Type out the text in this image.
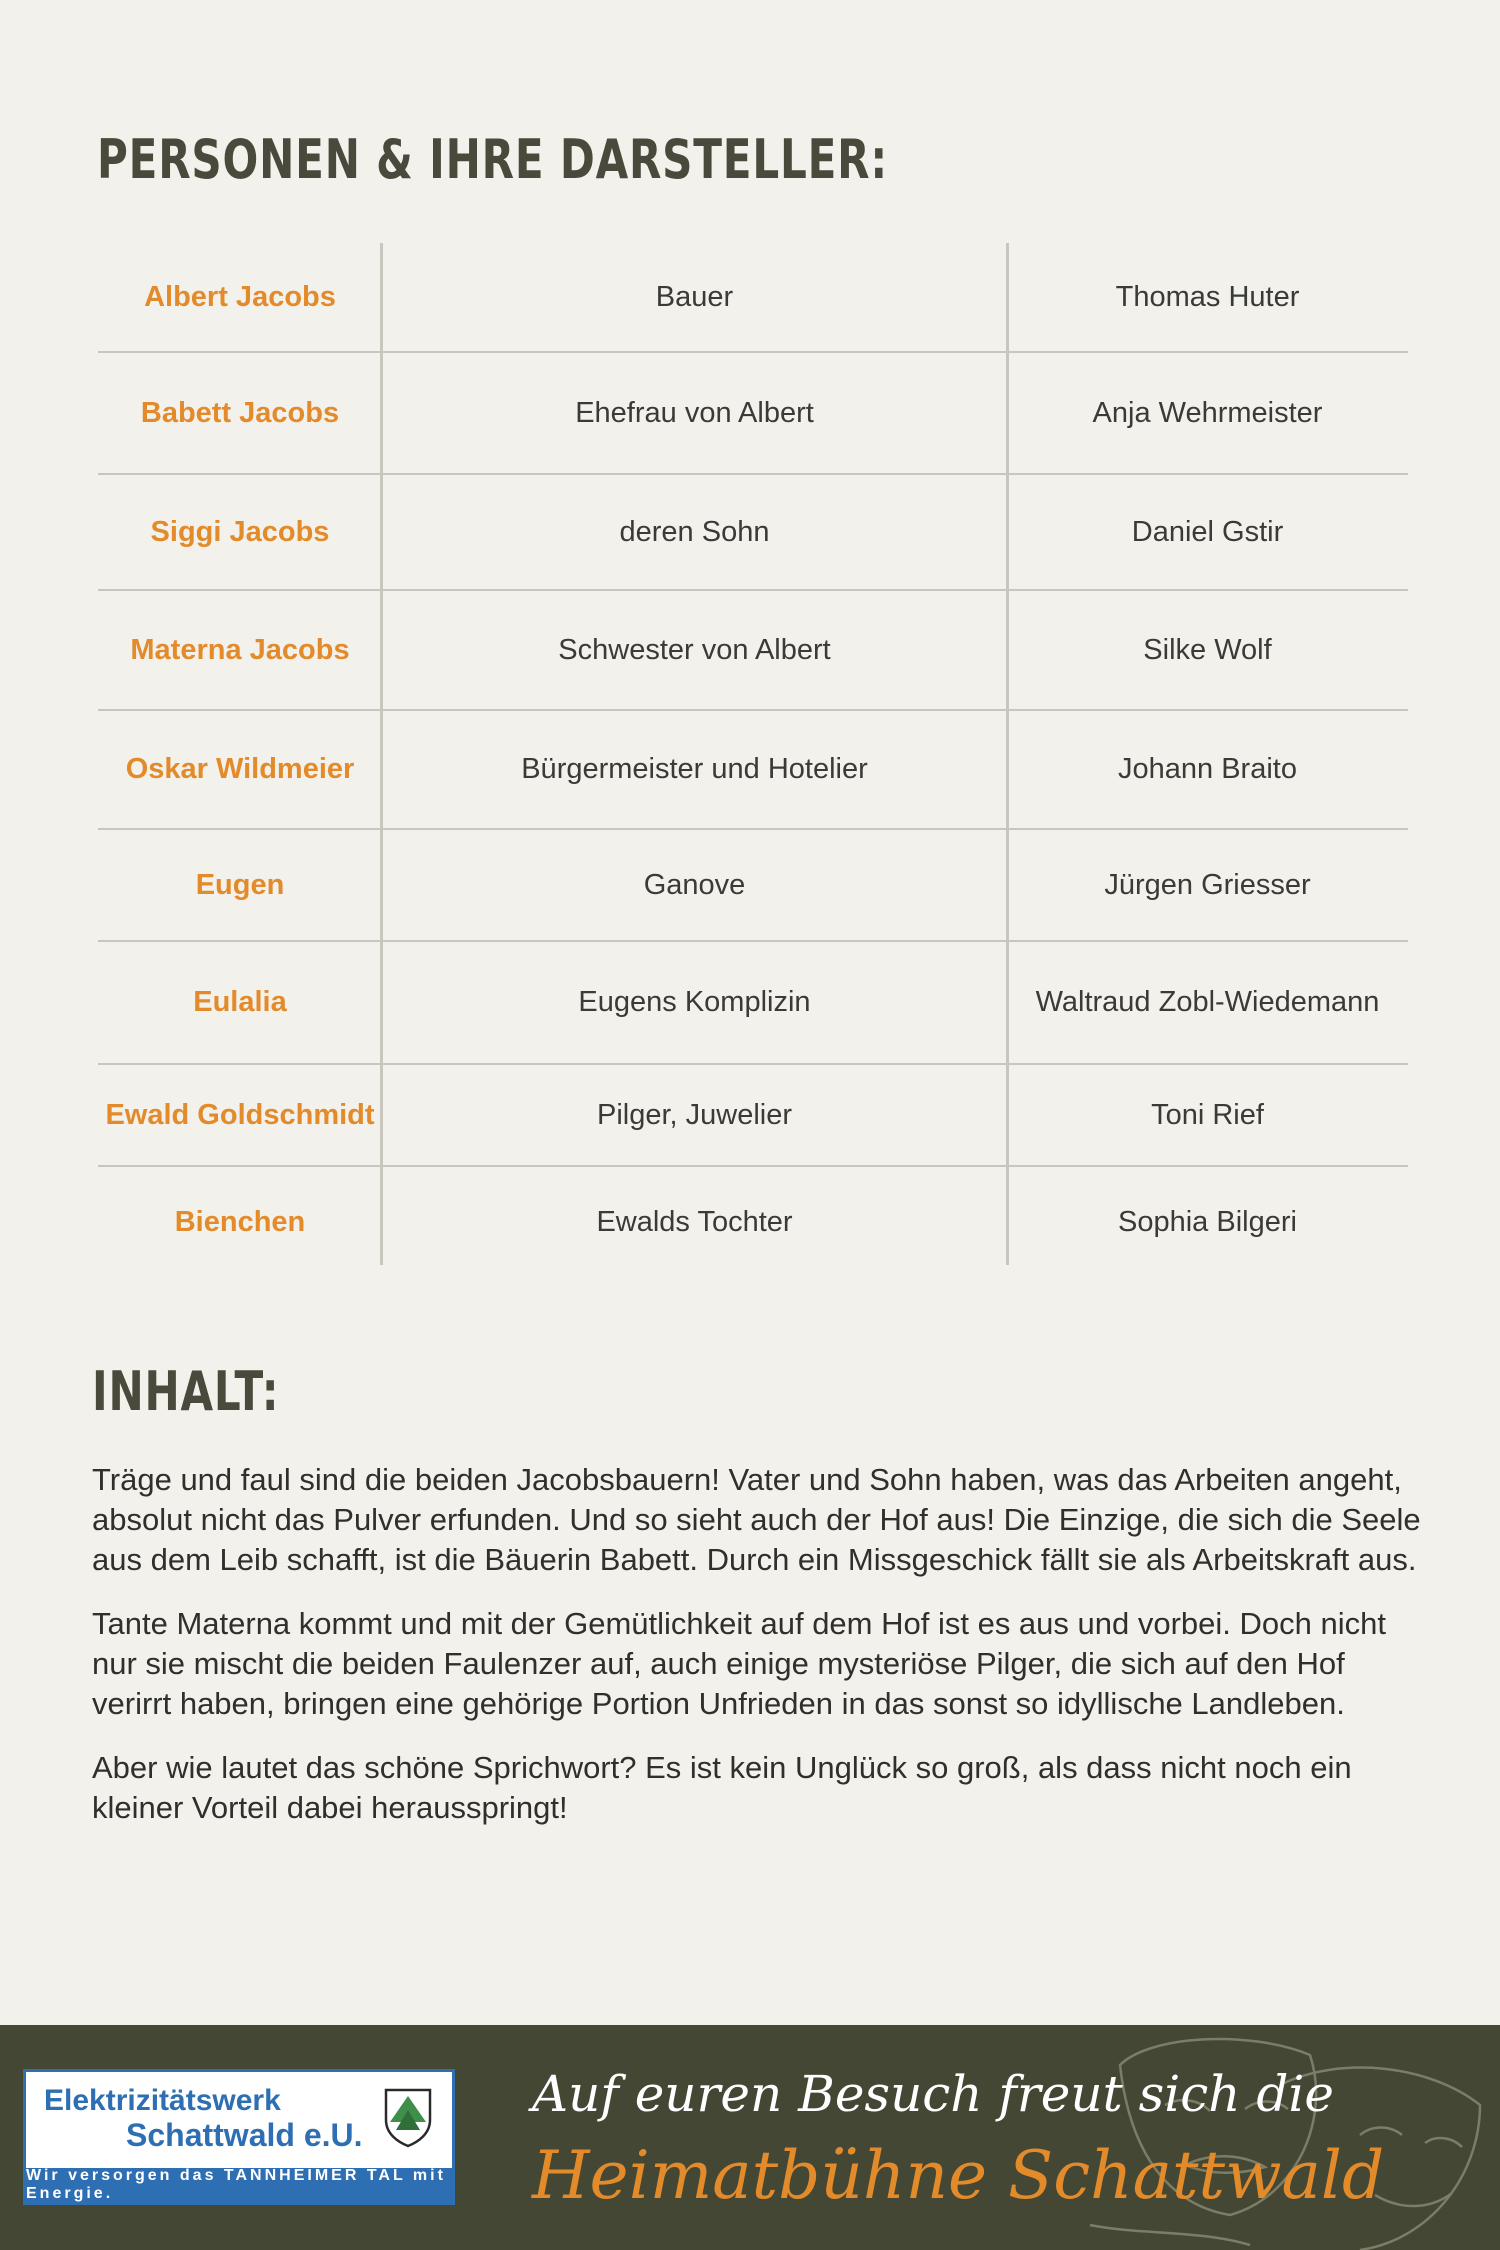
PERSONEN & IHRE DARSTELLER:
Albert Jacobs	Bauer	Thomas Huter
Babett Jacobs	Ehefrau von Albert	Anja Wehrmeister
Siggi Jacobs	deren Sohn	Daniel Gstir
Materna Jacobs	Schwester von Albert	Silke Wolf
Oskar Wildmeier	Bürgermeister und Hotelier	Johann Braito
Eugen	Ganove	Jürgen Griesser
Eulalia	Eugens Komplizin	Waltraud Zobl-Wiedemann
Ewald Goldschmidt	Pilger, Juwelier	Toni Rief
Bienchen	Ewalds Tochter	Sophia Bilgeri
INHALT:

Träge und faul sind die beiden Jacobsbauern! Vater und Sohn haben, was das Arbeiten angeht, absolut nicht das Pulver erfunden. Und so sieht auch der Hof aus! Die Einzige, die sich die Seele aus dem Leib schafft, ist die Bäuerin Babett. Durch ein Missgeschick fällt sie als Arbeitskraft aus.

Tante Materna kommt und mit der Gemütlichkeit auf dem Hof ist es aus und vorbei. Doch nicht nur sie mischt die beiden Faulenzer auf, auch einige mysteriöse Pilger, die sich auf den Hof verirrt haben, bringen eine gehörige Portion Unfrieden in das sonst so idyllische Landleben.

Aber wie lautet das schöne Sprichwort? Es ist kein Unglück so groß, als dass nicht noch ein kleiner Vorteil dabei herausspringt!

Elektrizitätswerk
Schattwald e.U.
Wir versorgen das TANNHEIMER TAL mit Energie.
Auf euren Besuch freut sich die
Heimatbühne Schattwald
